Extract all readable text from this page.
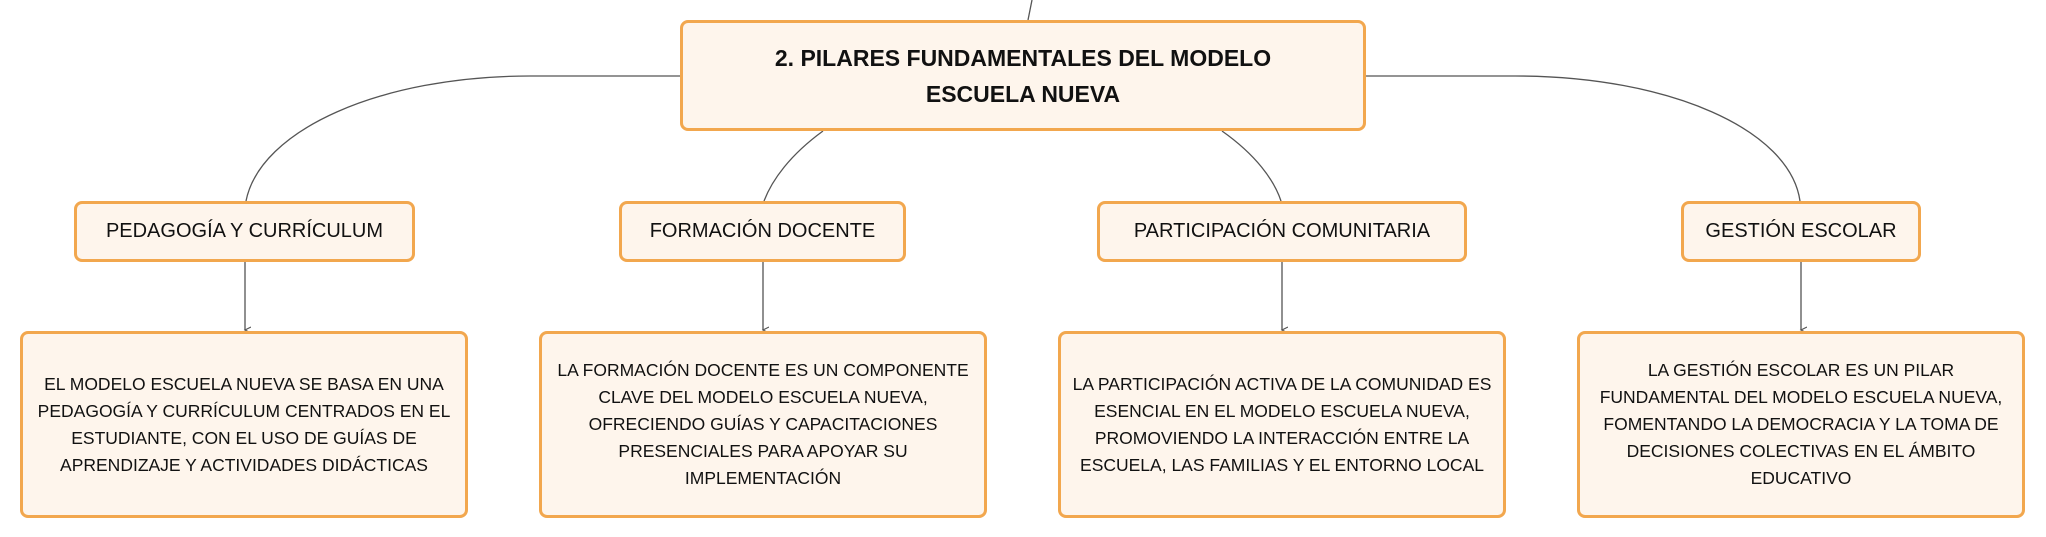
2. PILARES FUNDAMENTALES DEL MODELO ESCUELA NUEVA
PEDAGOGÍA Y CURRÍCULUM	FORMACIÓN DOCENTE	PARTICIPACIÓN COMUNITARIA	GESTIÓN ESCOLAR
EL MODELO ESCUELA NUEVA SE BASA EN UNA PEDAGOGÍA Y CURRÍCULUM CENTRADOS EN EL ESTUDIANTE, CON EL USO DE GUÍAS DE APRENDIZAJE Y ACTIVIDADES DIDÁCTICAS
LA FORMACIÓN DOCENTE ES UN COMPONENTE CLAVE DEL MODELO ESCUELA NUEVA, OFRECIENDO GUÍAS Y CAPACITACIONES PRESENCIALES PARA APOYAR SU IMPLEMENTACIÓN
LA PARTICIPACIÓN ACTIVA DE LA COMUNIDAD ES ESENCIAL EN EL MODELO ESCUELA NUEVA, PROMOVIENDO LA INTERACCIÓN ENTRE LA ESCUELA, LAS FAMILIAS Y EL ENTORNO LOCAL
LA GESTIÓN ESCOLAR ES UN PILAR FUNDAMENTAL DEL MODELO ESCUELA NUEVA, FOMENTANDO LA DEMOCRACIA Y LA TOMA DE DECISIONES COLECTIVAS EN EL ÁMBITO EDUCATIVO
